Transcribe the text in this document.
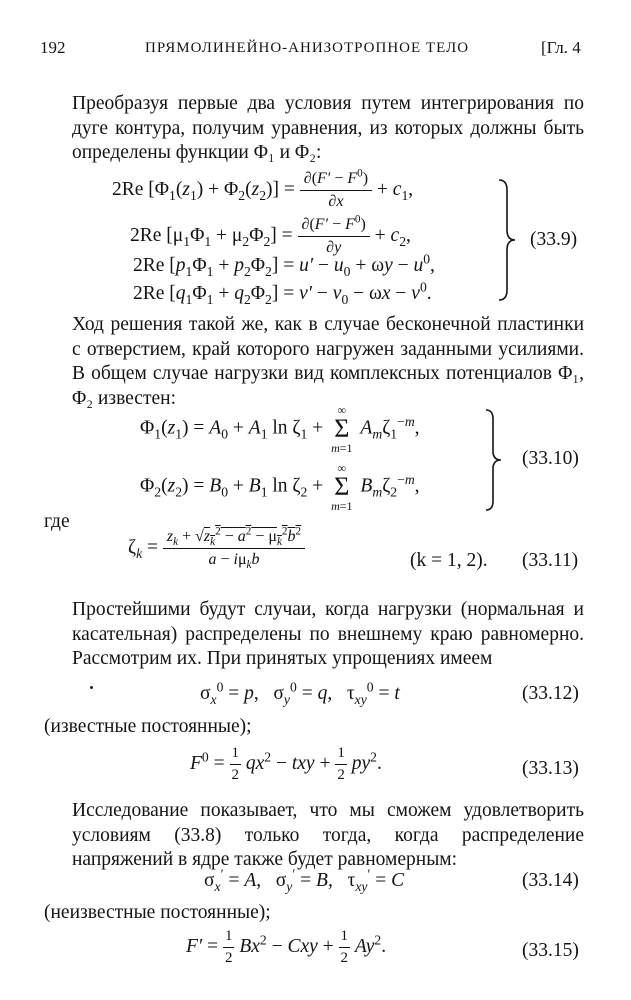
192	ПРЯМОЛИНЕЙНО-АНИЗОТРОПНОЕ ТЕЛО	[Гл. 4

Преобразуя первые два условия путем интегрирования по дуге контура, получим уравнения, из которых должны быть определены функции Φ₁ и Φ₂:

2Re $[\Phi_1(z_1) + \Phi_2(z_2)] = \frac{\partial(F' - F^0)}{\partial x} + c_1$,
2Re $[\mu_1\Phi_1 + \mu_2\Phi_2] = \frac{\partial(F' - F^0)}{\partial y} + c_2$,
2Re $[p_1\Phi_1 + p_2\Phi_2] = u' - u_0 + \omega y - u^0$,
2Re $[q_1\Phi_1 + q_2\Phi_2] = v' - v_0 - \omega x - v^0$.
(33.9)

Ход решения такой же, как в случае бесконечной пластинки с отверстием, край которого нагружен заданными усилиями. В общем случае нагрузки вид комплексных потенциалов Φ₁, Φ₂ известен:

$\Phi_1(z_1) = A_0 + A_1$ $\ln \zeta_1$ +
∞
Σ
m=1
$A_m\zeta_1^{-m}$,
$\Phi_2(z_2) = B_0 + B_1$ $\ln \zeta_2$ +
∞
Σ
m=1
$B_m\zeta_2^{-m}$,
(33.10)
где
$\zeta_k = \frac{z_k + √z_k^2 - a^2 - \mu_k^2b^2}{a - i\mu_kb}$	(k = 1, 2). (33.11)

Простейшими будут случаи, когда нагрузки (нормальная и касательная) распределены по внешнему краю равномерно. Рассмотрим их. При принятых упрощениях имеем

$\sigma_x^0 = p$,   $\sigma_y^0 = q$,   $\tau_{xy}^0 = t$	(33.12)
(известные постоянные);
$F^0 = \frac{1}{2} qx^2$ − txy + $\frac{1}{2} py^2$.	(33.13)

Исследование показывает, что мы сможем удовлетворить условиям (33.8) только тогда, когда распределение напряжений в ядре также будет равномерным:

$\sigma_x' = A$,   $\sigma_y' = B$,   $\tau_{xy}' = C$	(33.14)
(неизвестные постоянные);
$F' = \frac{1}{2} Bx^2$ − Cxy + $\frac{1}{2} Ay^2$.	(33.15)
